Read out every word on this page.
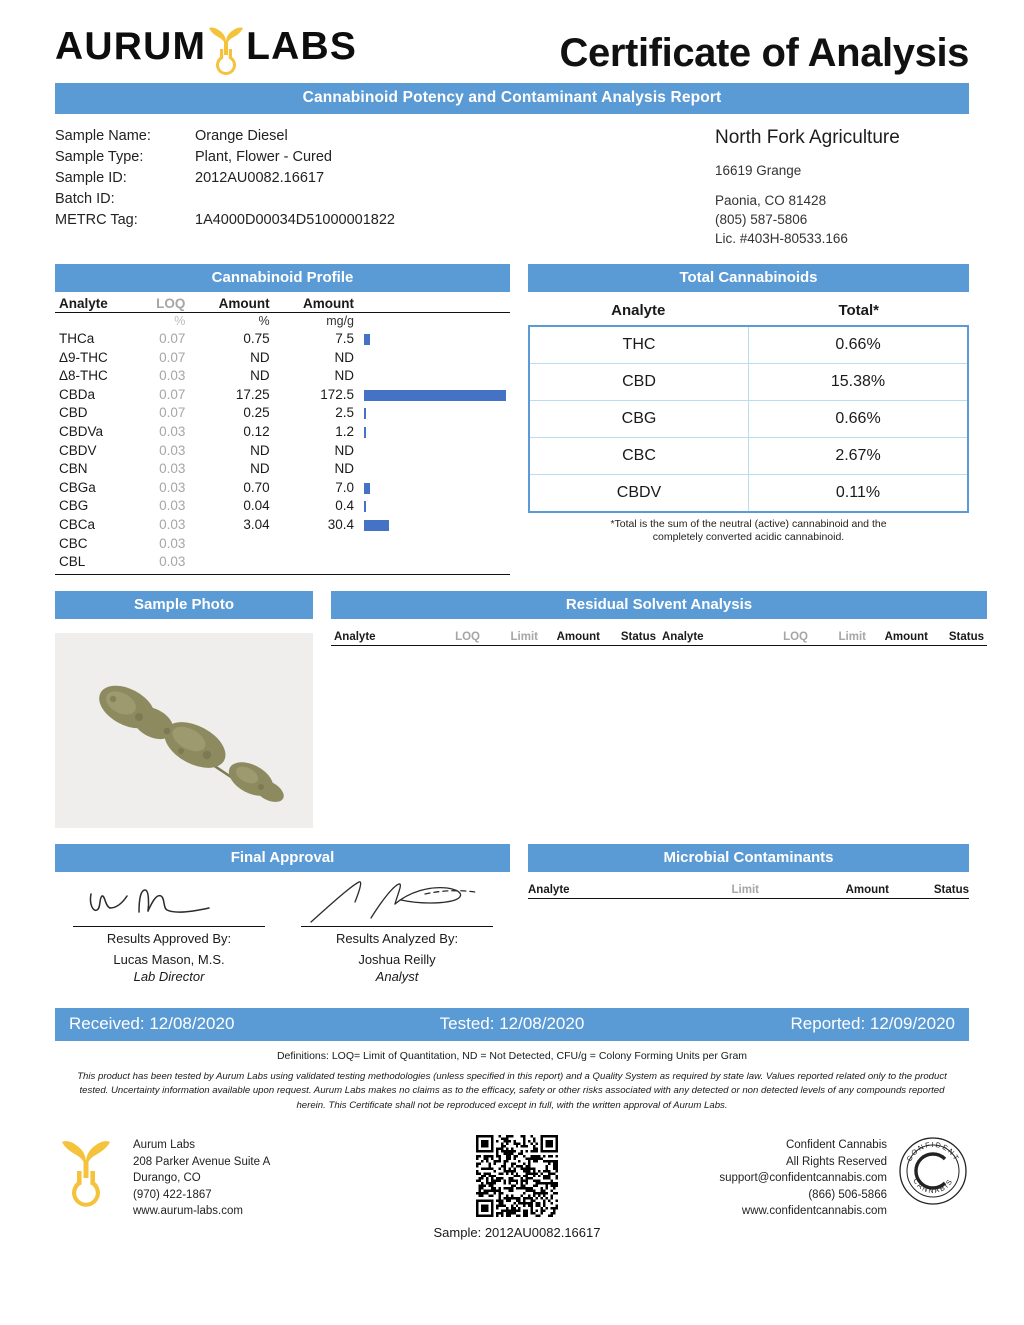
AURUM LABS	Certificate of Analysis
Cannabinoid Potency and Contaminant Analysis Report
Sample Name:	Orange Diesel
Sample Type:	Plant, Flower - Cured
Sample ID:	2012AU0082.16617
Batch ID:
METRC Tag:	1A4000D00034D51000001822
North Fork Agriculture
16619 Grange
Paonia, CO 81428
(805) 587-5806
Lic. #403H-80533.166
Cannabinoid Profile
Analyte	LOQ	Amount	Amount	
	%	%	mg/g	
THCa	0.07	0.75	7.5	
Δ9-THC	0.07	ND	ND	
Δ8-THC	0.03	ND	ND	
CBDa	0.07	17.25	172.5	
CBD	0.07	0.25	2.5	
CBDVa	0.03	0.12	1.2	
CBDV	0.03	ND	ND	
CBN	0.03	ND	ND	
CBGa	0.03	0.70	7.0	
CBG	0.03	0.04	0.4	
CBCa	0.03	3.04	30.4	
CBC	0.03			
CBL	0.03			
Total Cannabinoids
Analyte	Total*
THC	0.66%
CBD	15.38%
CBG	0.66%
CBC	2.67%
CBDV	0.11%
*Total is the sum of the neutral (active) cannabinoid and the
completely converted acidic cannabinoid.
Sample Photo	Residual Solvent Analysis
Analyte	LOQ	Limit	Amount	Status Analyte	LOQ	Limit	Amount	Status
Final Approval
Results Approved By:
Lucas Mason, M.S.
Lab Director
Results Analyzed By:
Joshua Reilly
Analyst
Microbial Contaminants
Analyte	Limit	Amount	Status
Received: 12/08/2020	Tested: 12/08/2020	Reported: 12/09/2020
Definitions: LOQ= Limit of Quantitation, ND = Not Detected, CFU/g = Colony Forming Units per Gram
This product has been tested by Aurum Labs using validated testing methodologies (unless specified in this report) and a Quality System as required by state law. Values reported related only to the product tested. Uncertainty information available upon request. Aurum Labs makes no claims as to the efficacy, safety or other risks associated with any detected or non detected levels of any compounds reported herein. This Certificate shall not be reproduced except in full, with the written approval of Aurum Labs.
Aurum Labs
208 Parker Avenue Suite A
Durango, CO
(970) 422-1867
www.aurum-labs.com
Sample: 2012AU0082.16617
Confident Cannabis
All Rights Reserved
support@confidentcannabis.com
(866) 506-5866
www.confidentcannabis.com
CONFIDENT
CANNABIS
